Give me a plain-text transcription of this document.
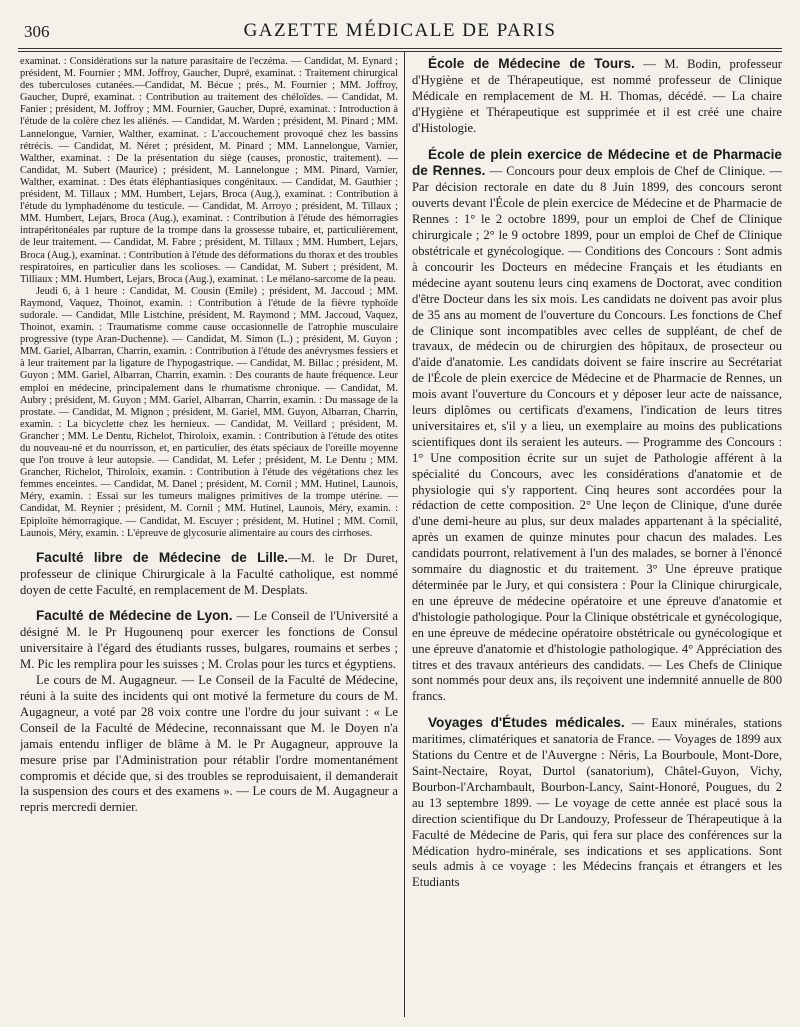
306	GAZETTE MÉDICALE DE PARIS

examinat. : Considérations sur la nature parasitaire de l'eczéma. — Candidat, M. Eynard ; président, M. Fournier ; MM. Joffroy, Gaucher, Dupré, examinat. : Traitement chirurgical des tuberculoses cutanées.—Candidat, M. Bécue ; prés., M. Fournier ; MM. Joffroy, Gaucher, Dupré, examinat. : Contribution au traitement des chéloïdes. — Candidat, M. Fanier ; président, M. Joffroy ; MM. Fournier, Gaucher, Dupré, examinat. : Introduction à l'étude de la colère chez les aliénés. — Candidat, M. Warden ; président, M. Pinard ; MM. Lannelongue, Varnier, Walther, examinat. : L'accouchement provoqué chez les bassins rétrécis. — Candidat, M. Néret ; président, M. Pinard ; MM. Lannelongue, Varnier, Walther, examinat. : De la présentation du siège (causes, pronostic, traitement). — Candidat, M. Subert (Maurice) ; président, M. Lannelongue ; MM. Pinard, Varnier, Walther, examinat. : Des états éléphantiasiques congénitaux. — Candidat, M. Gauthier ; président, M. Tillaux ; MM. Humbert, Lejars, Broca (Aug.), examinat. : Contribution à l'étude du lymphadénome du testicule. — Candidat, M. Arroyo ; président, M. Tillaux ; MM. Humbert, Lejars, Broca (Aug.), examinat. : Contribution à l'étude des hémorragies intrapéritonéales par rupture de la trompe dans la grossesse tubaire, et, particulièrement, de leur traitement. — Candidat, M. Fabre ; président, M. Tillaux ; MM. Humbert, Lejars, Broca (Aug.), examinat. : Contribution à l'étude des déformations du thorax et des troubles respiratoires, en particulier dans les scolioses. — Candidat, M. Subert ; président, M. Tilliaux ; MM. Humbert, Lejars, Broca (Aug.), examinat. : Le mélano-sarcome de la peau.

Jeudi 6, à 1 heure : Candidat, M. Cousin (Emile) ; président, M. Jaccoud ; MM. Raymond, Vaquez, Thoinot, examin. : Contribution à l'étude de la fièvre typhoïde sudorale. — Candidat, Mlle Listchine, président, M. Raymond ; MM. Jaccoud, Vaquez, Thoinot, examin. : Traumatisme comme cause occasionnelle de l'atrophie musculaire progressive (type Aran-Duchenne). — Candidat, M. Simon (L.) ; président, M. Guyon ; MM. Gariel, Albarran, Charrin, examin. : Contribution à l'étude des anévrysmes fessiers et à leur traitement par la ligature de l'hypogastrique. — Candidat, M. Billac ; président, M. Guyon ; MM. Gariel, Albarran, Charrin, examin. : Des courants de haute fréquence. Leur emploi en médecine, principalement dans le rhumatisme chronique. — Candidat, M. Aubry ; président, M. Guyon ; MM. Gariel, Albarran, Charrin, examin. : Du massage de la prostate. — Candidat, M. Mignon ; président, M. Gariel, MM. Guyon, Albarran, Charrin, examin. : La bicyclette chez les hernieux. — Candidat, M. Veillard ; président, M. Grancher ; MM. Le Dentu, Richelot, Thiroloix, examin. : Contribution à l'étude des otites du nouveau-né et du nourrisson, et, en particulier, des états spéciaux de l'oreille moyenne que l'on trouve à leur autopsie. — Candidat, M. Lefer ; président, M. Le Dentu ; MM. Grancher, Richelot, Thiroloix, examin. : Contribution à l'étude des végétations chez les femmes enceintes. — Candidat, M. Danel ; président, M. Cornil ; MM. Hutinel, Launois, Méry, examin. : Essai sur les tumeurs malignes primitives de la trompe utérine. — Candidat, M. Reynier ; président, M. Cornil ; MM. Hutinel, Launois, Méry, examin. : Epiploïte hémorragique. — Candidat, M. Escuyer ; président, M. Hutinel ; MM. Cornil, Launois, Méry, examin. : L'épreuve de glycosurie alimentaire au cours des cirrhoses.

Faculté libre de Médecine de Lille.—M. le Dr Duret, professeur de clinique Chirurgicale à la Faculté catholique, est nommé doyen de cette Faculté, en remplacement de M. Desplats.

Faculté de Médecine de Lyon. — Le Conseil de l'Université a désigné M. le Pr Hugounenq pour exercer les fonctions de Consul universitaire à l'égard des étudiants russes, bulgares, roumains et serbes ; M. Pic les remplira pour les suisses ; M. Crolas pour les turcs et égyptiens.

Le cours de M. Augagneur. — Le Conseil de la Faculté de Médecine, réuni à la suite des incidents qui ont motivé la fermeture du cours de M. Augagneur, a voté par 28 voix contre une l'ordre du jour suivant : « Le Conseil de la Faculté de Médecine, reconnaissant que M. le Doyen n'a jamais entendu infliger de blâme à M. le Pr Augagneur, approuve la mesure prise par l'Administration pour rétablir l'ordre momentanément compromis et décide que, si des troubles se reproduisaient, il demanderait la suspension des cours et des examens ». — Le cours de M. Augagneur a repris mercredi dernier.

École de Médecine de Tours. — M. Bodin, professeur d'Hygiène et de Thérapeutique, est nommé professeur de Clinique Médicale en remplacement de M. H. Thomas, décédé. — La chaire d'Hygiène et Thérapeutique est supprimée et il est créé une chaire d'Histologie.

École de plein exercice de Médecine et de Pharmacie de Rennes. — Concours pour deux emplois de Chef de Clinique. — Par décision rectorale en date du 8 Juin 1899, des concours seront ouverts devant l'École de plein exercice de Médecine et de Pharmacie de Rennes : 1° le 2 octobre 1899, pour un emploi de Chef de Clinique chirurgicale ; 2° le 9 octobre 1899, pour un emploi de Chef de Clinique obstétricale et gynécologique. — Conditions des Concours : Sont admis à concourir les Docteurs en médecine Français et les étudiants en médecine ayant soutenu leurs cinq examens de Doctorat, avec condition d'être Docteur dans les six mois. Les candidats ne doivent pas avoir plus de 35 ans au moment de l'ouverture du Concours. Les fonctions de Chef de Clinique sont incompatibles avec celles de suppléant, de chef de travaux, de médecin ou de chirurgien des hôpitaux, de prosecteur ou d'aide d'anatomie. Les candidats doivent se faire inscrire au Secrétariat de l'École de plein exercice de Médecine et de Pharmacie de Rennes, un mois avant l'ouverture du Concours et y déposer leur acte de naissance, leurs diplômes ou certificats d'examens, l'indication de leurs titres universitaires et, s'il y a lieu, un exemplaire au moins des publications scientifiques dont ils seraient les auteurs. — Programme des Concours : 1° Une composition écrite sur un sujet de Pathologie afférent à la spécialité du Concours, avec les considérations d'anatomie et de physiologie qui s'y rapportent. Cinq heures sont accordées pour la rédaction de cette composition. 2° Une leçon de Clinique, d'une durée d'une demi-heure au plus, sur deux malades appartenant à la spécialité, après un examen de quinze minutes pour chacun des malades. Les candidats pourront, relativement à l'un des malades, se borner à l'énoncé sommaire du diagnostic et du traitement. 3° Une épreuve pratique déterminée par le Jury, et qui consistera : Pour la Clinique chirurgicale, en une épreuve de médecine opératoire et une épreuve d'anatomie et d'histologie pathologique. Pour la Clinique obstétricale et gynécologique, en une épreuve de médecine opératoire obstétricale ou gynécologique et une épreuve d'anatomie et d'histologie pathologique. 4° Appréciation des titres et des travaux antérieurs des candidats. — Les Chefs de Clinique sont nommés pour deux ans, ils reçoivent une indemnité annuelle de 800 francs.

Voyages d'Études médicales. — Eaux minérales, stations maritimes, climatériques et sanatoria de France. — Voyages de 1899 aux Stations du Centre et de l'Auvergne : Néris, La Bourboule, Mont-Dore, Saint-Nectaire, Royat, Durtol (sanatorium), Châtel-Guyon, Vichy, Bourbon-l'Archambault, Bourbon-Lancy, Saint-Honoré, Pougues, du 2 au 13 septembre 1899. — Le voyage de cette année est placé sous la direction scientifique du Dr Landouzy, Professeur de Thérapeutique à la Faculté de Médecine de Paris, qui fera sur place des conférences sur la Médication hydro-minérale, ses indications et ses applications. Sont seuls admis à ce voyage : les Médecins français et étrangers et les Etudiants
